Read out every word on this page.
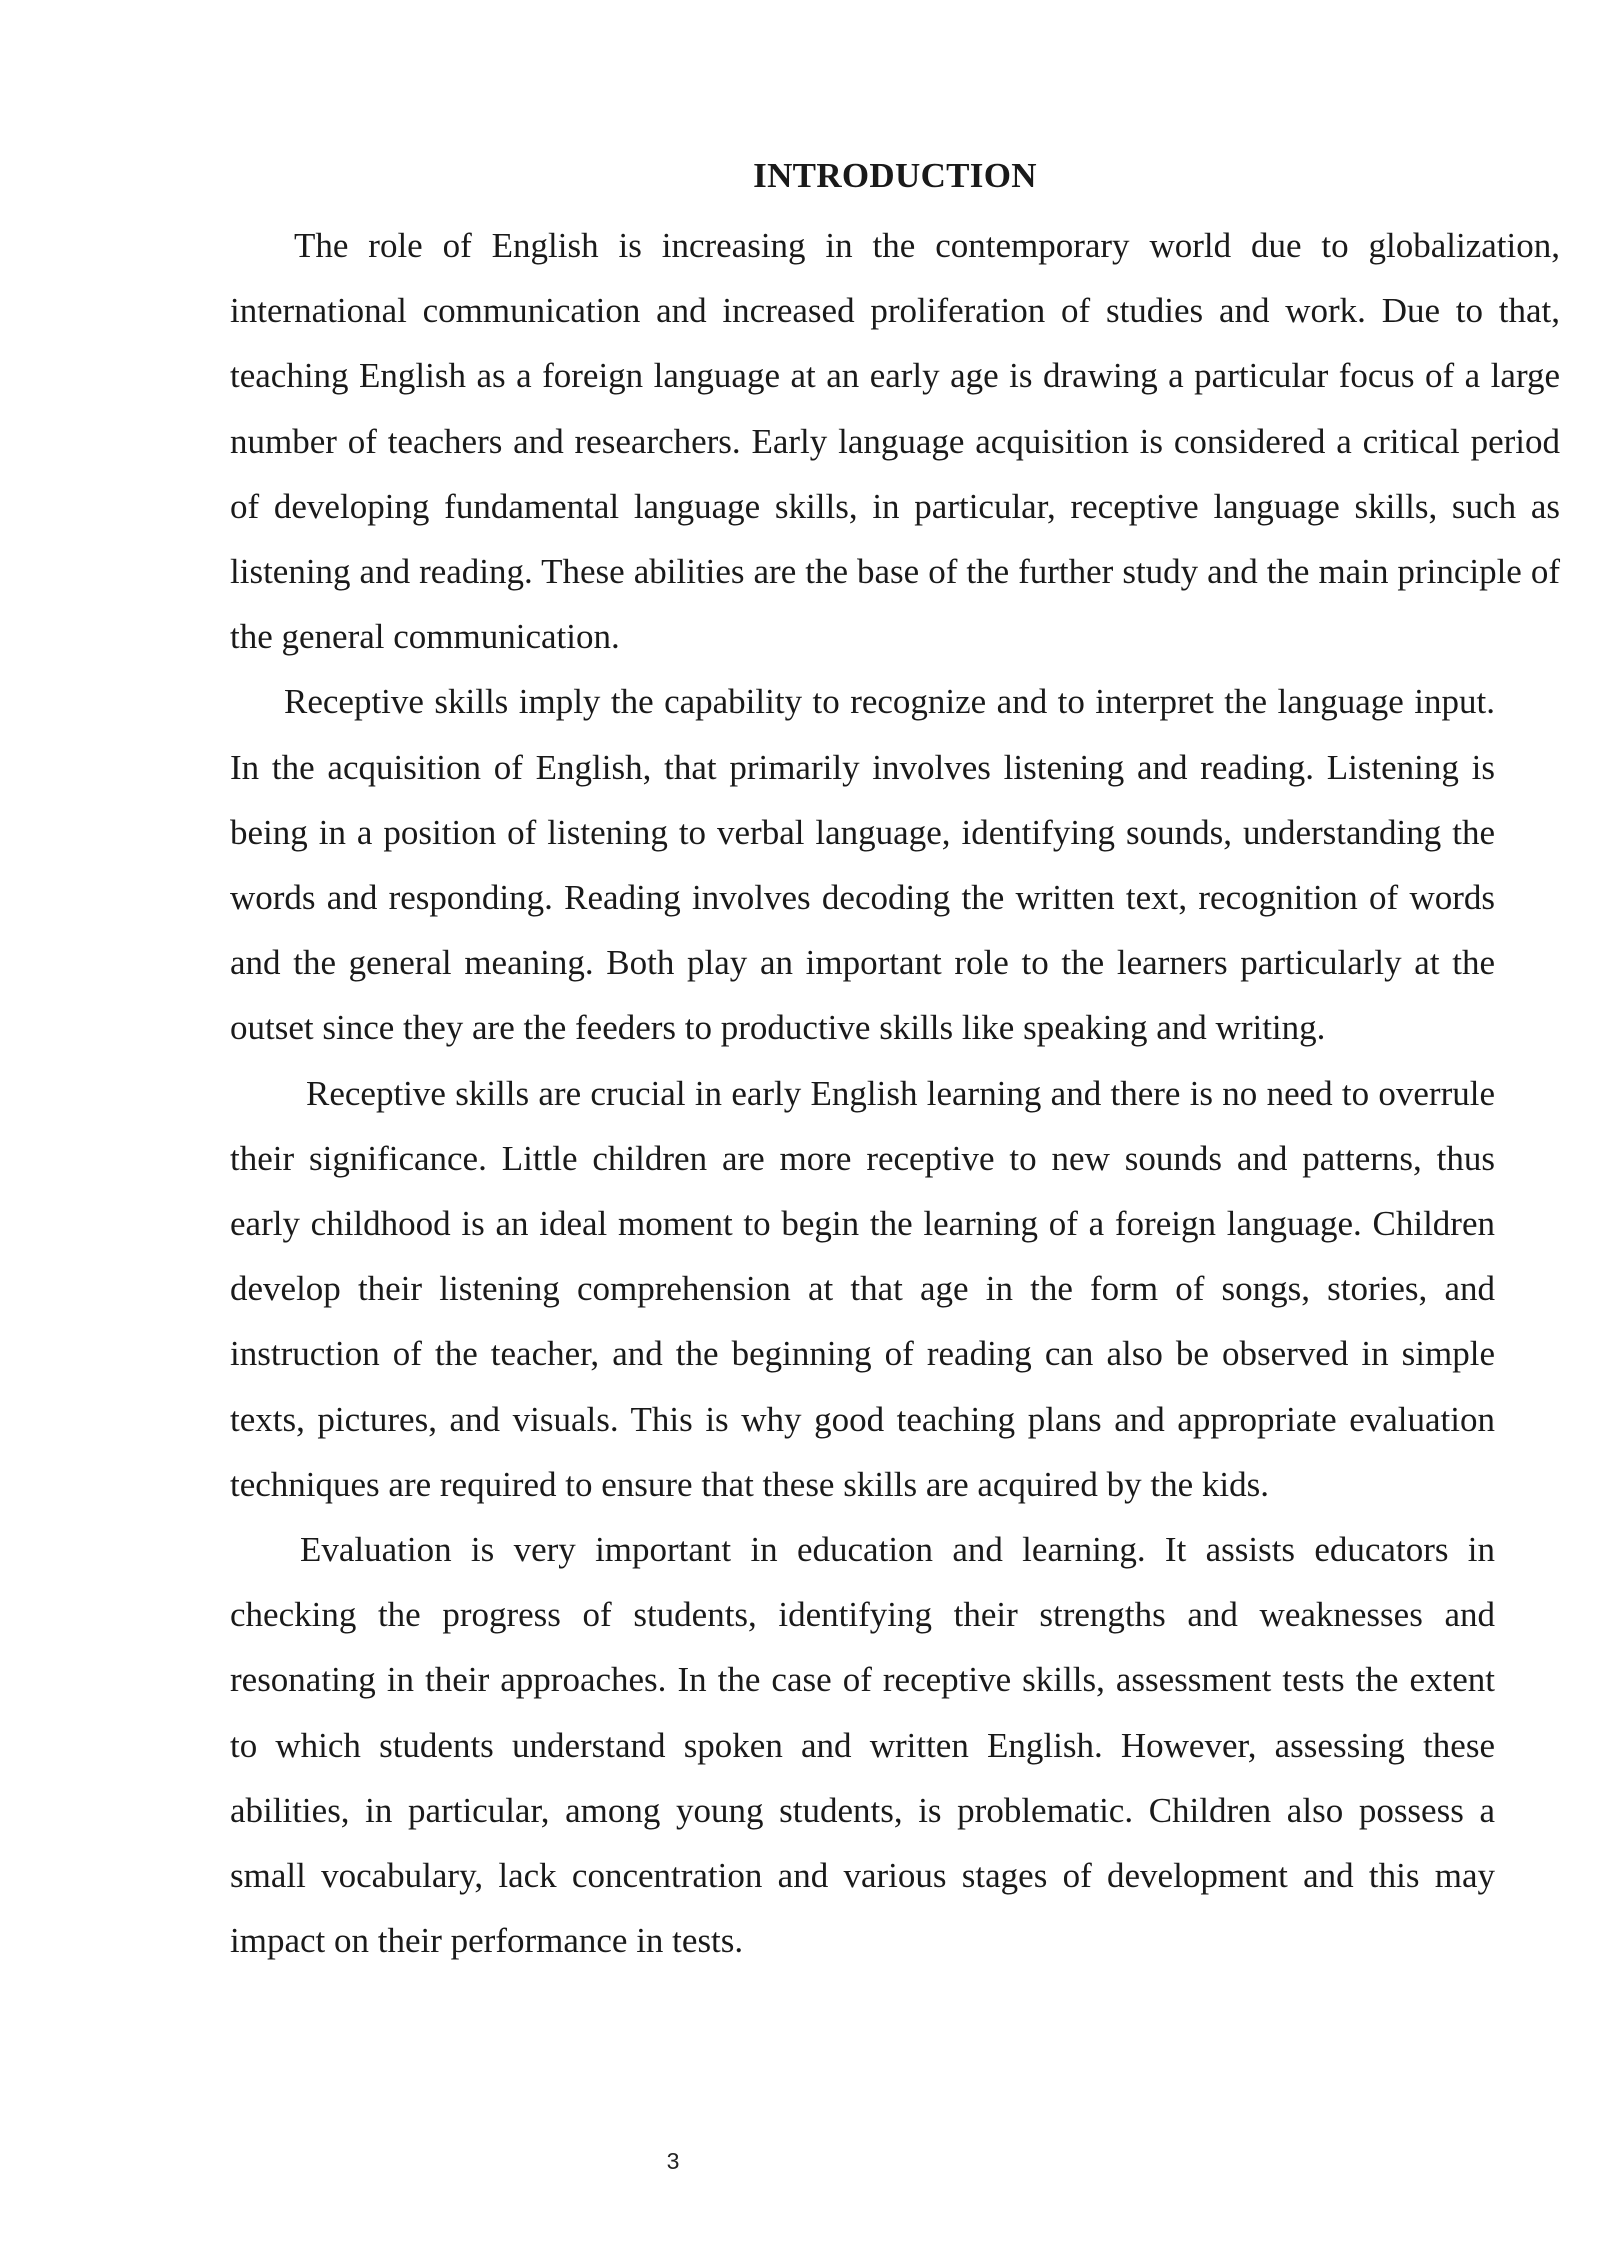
INTRODUCTION

The role of English is increasing in the contemporary world due to globalization, international communication and increased proliferation of studies and work. Due to that, teaching English as a foreign language at an early age is drawing a particular focus of a large number of teachers and researchers. Early language acquisition is considered a critical period of developing fundamental language skills, in particular, receptive language skills, such as listening and reading. These abilities are the base of the further study and the main principle of the general communication.

Receptive skills imply the capability to recognize and to interpret the language input. In the acquisition of English, that primarily involves listening and reading. Listening is being in a position of listening to verbal language, identifying sounds, understanding the words and responding. Reading involves decoding the written text, recognition of words and the general meaning. Both play an important role to the learners particularly at the outset since they are the feeders to productive skills like speaking and writing.

Receptive skills are crucial in early English learning and there is no need to overrule their significance. Little children are more receptive to new sounds and patterns, thus early childhood is an ideal moment to begin the learning of a foreign language. Children develop their listening comprehension at that age in the form of songs, stories, and instruction of the teacher, and the beginning of reading can also be observed in simple texts, pictures, and visuals. This is why good teaching plans and appropriate evaluation techniques are required to ensure that these skills are acquired by the kids.

Evaluation is very important in education and learning. It assists educators in checking the progress of students, identifying their strengths and weaknesses and resonating in their approaches. In the case of receptive skills, assessment tests the extent to which students understand spoken and written English. However, assessing these abilities, in particular, among young students, is problematic. Children also possess a small vocabulary, lack concentration and various stages of development and this may impact on their performance in tests.

3
